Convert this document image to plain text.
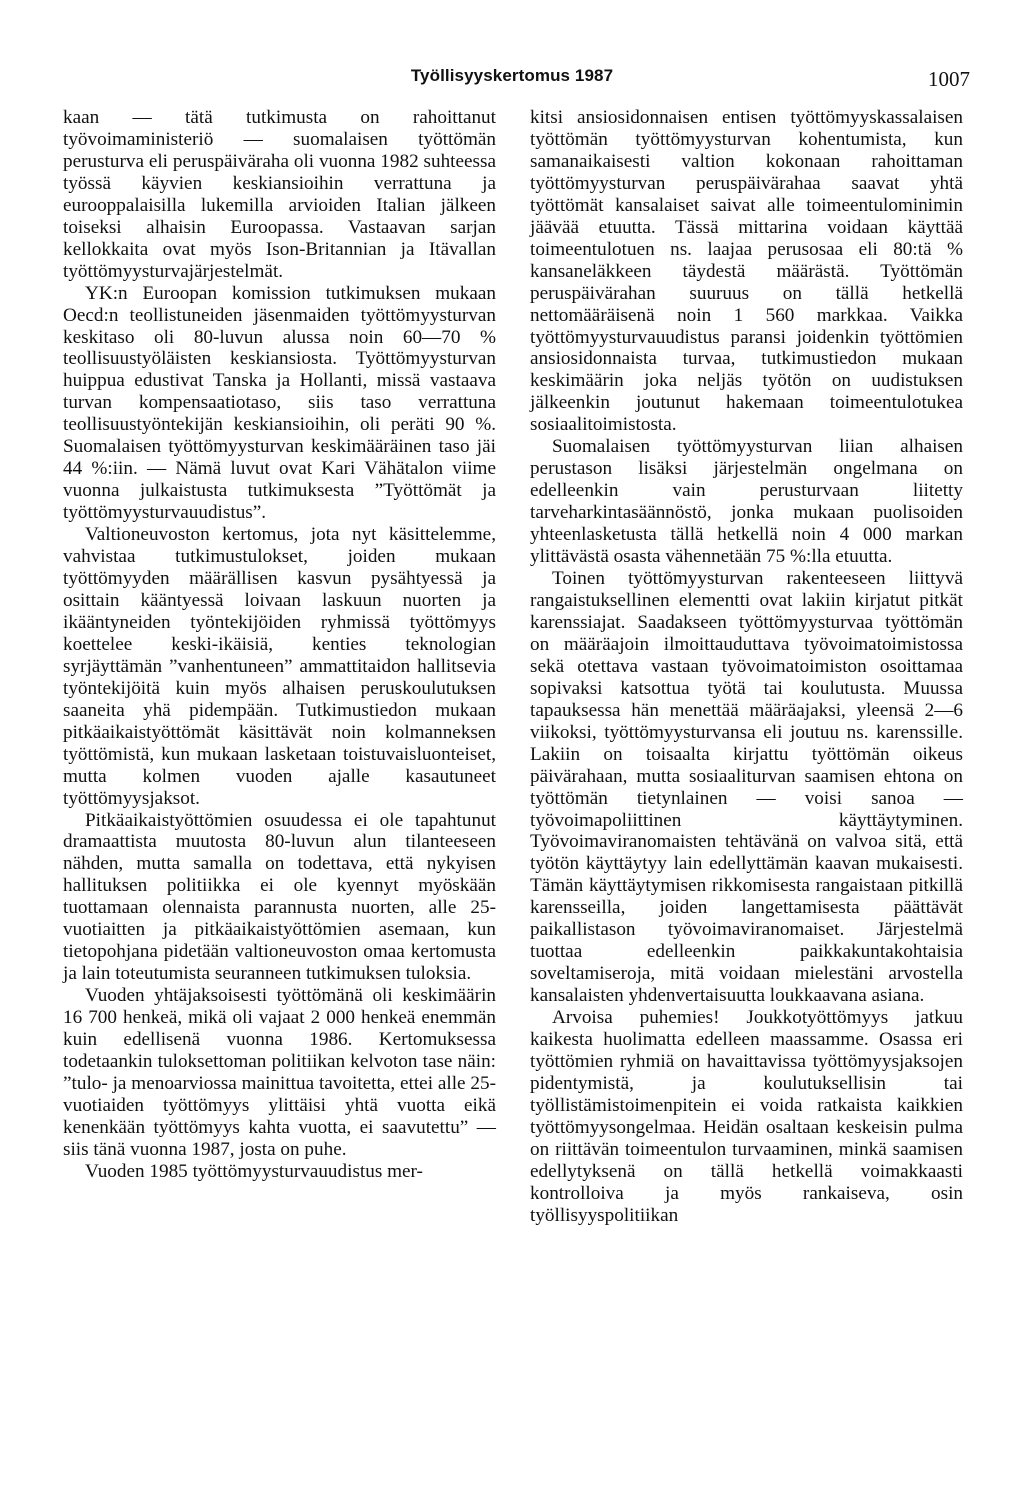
Työllisyyskertomus 1987	1007

kaan — tätä tutkimusta on rahoittanut työvoimaministeriö — suomalaisen työttömän perusturva eli peruspäiväraha oli vuonna 1982 suhteessa työssä käyvien keskiansioihin verrattuna ja eurooppalaisilla lukemilla arvioiden Italian jälkeen toiseksi alhaisin Euroopassa. Vastaavan sarjan kellokkaita ovat myös Ison-Britannian ja Itävallan työttömyysturvajärjestelmät.

YK:n Euroopan komission tutkimuksen mukaan Oecd:n teollistuneiden jäsenmaiden työttömyysturvan keskitaso oli 80-luvun alussa noin 60—70 % teollisuustyöläisten keskiansiosta. Työttömyysturvan huippua edustivat Tanska ja Hollanti, missä vastaava turvan kompensaatiotaso, siis taso verrattuna teollisuustyöntekijän keskiansioihin, oli peräti 90 %. Suomalaisen työttömyysturvan keskimääräinen taso jäi 44 %:iin. — Nämä luvut ovat Kari Vähätalon viime vuonna julkaistusta tutkimuksesta ”Työttömät ja työttömyysturvauudistus”.

Valtioneuvoston kertomus, jota nyt käsittelemme, vahvistaa tutkimustulokset, joiden mukaan työttömyyden määrällisen kasvun pysähtyessä ja osittain kääntyessä loivaan laskuun nuorten ja ikääntyneiden työntekijöiden ryhmissä työttömyys koettelee keski-ikäisiä, kenties teknologian syrjäyttämän ”vanhentuneen” ammattitaidon hallitsevia työntekijöitä kuin myös alhaisen peruskoulutuksen saaneita yhä pidempään. Tutkimustiedon mukaan pitkäaikaistyöttömät käsittävät noin kolmanneksen työttömistä, kun mukaan lasketaan toistuvaisluonteiset, mutta kolmen vuoden ajalle kasautuneet työttömyysjaksot.

Pitkäaikaistyöttömien osuudessa ei ole tapahtunut dramaattista muutosta 80-luvun alun tilanteeseen nähden, mutta samalla on todettava, että nykyisen hallituksen politiikka ei ole kyennyt myöskään tuottamaan olennaista parannusta nuorten, alle 25-vuotiaitten ja pitkäaikaistyöttömien asemaan, kun tietopohjana pidetään valtioneuvoston omaa kertomusta ja lain toteutumista seuranneen tutkimuksen tuloksia.

Vuoden yhtäjaksoisesti työttömänä oli keskimäärin 16 700 henkeä, mikä oli vajaat 2 000 henkeä enemmän kuin edellisenä vuonna 1986. Kertomuksessa todetaankin tuloksettoman politiikan kelvoton tase näin: ”tulo- ja menoarviossa mainittua tavoitetta, ettei alle 25-vuotiaiden työttömyys ylittäisi yhtä vuotta eikä kenenkään työttömyys kahta vuotta, ei saavutettu” — siis tänä vuonna 1987, josta on puhe.

Vuoden 1985 työttömyysturvauudistus mer-

kitsi ansiosidonnaisen entisen työttömyyskassalaisen työttömän työttömyysturvan kohentumista, kun samanaikaisesti valtion kokonaan rahoittaman työttömyysturvan peruspäivärahaa saavat yhtä työttömät kansalaiset saivat alle toimeentulominimin jäävää etuutta. Tässä mittarina voidaan käyttää toimeentulotuen ns. laajaa perusosaa eli 80:tä % kansaneläkkeen täydestä määrästä. Työttömän peruspäivärahan suuruus on tällä hetkellä nettomääräisenä noin 1 560 markkaa. Vaikka työttömyysturvauudistus paransi joidenkin työttömien ansiosidonnaista turvaa, tutkimustiedon mukaan keskimäärin joka neljäs työtön on uudistuksen jälkeenkin joutunut hakemaan toimeentulotukea sosiaalitoimistosta.

Suomalaisen työttömyysturvan liian alhaisen perustason lisäksi järjestelmän ongelmana on edelleenkin vain perusturvaan liitetty tarveharkintasäännöstö, jonka mukaan puolisoiden yhteenlasketusta tällä hetkellä noin 4 000 markan ylittävästä osasta vähennetään 75 %:lla etuutta.

Toinen työttömyysturvan rakenteeseen liittyvä rangaistuksellinen elementti ovat lakiin kirjatut pitkät karenssiajat. Saadakseen työttömyysturvaa työttömän on määräajoin ilmoittauduttava työvoimatoimistossa sekä otettava vastaan työvoimatoimiston osoittamaa sopivaksi katsottua työtä tai koulutusta. Muussa tapauksessa hän menettää määräajaksi, yleensä 2—6 viikoksi, työttömyysturvansa eli joutuu ns. karenssille. Lakiin on toisaalta kirjattu työttömän oikeus päivärahaan, mutta sosiaaliturvan saamisen ehtona on työttömän tietynlainen — voisi sanoa — työvoimapoliittinen käyttäytyminen. Työvoimaviranomaisten tehtävänä on valvoa sitä, että työtön käyttäytyy lain edellyttämän kaavan mukaisesti. Tämän käyttäytymisen rikkomisesta rangaistaan pitkillä karensseilla, joiden langettamisesta päättävät paikallistason työvoimaviranomaiset. Järjestelmä tuottaa edelleenkin paikkakuntakohtaisia soveltamiseroja, mitä voidaan mielestäni arvostella kansalaisten yhdenvertaisuutta loukkaavana asiana.

Arvoisa puhemies! Joukkotyöttömyys jatkuu kaikesta huolimatta edelleen maassamme. Osassa eri työttömien ryhmiä on havaittavissa työttömyysjaksojen pidentymistä, ja koulutuksellisin tai työllistämistoimenpitein ei voida ratkaista kaikkien työttömyysongelmaa. Heidän osaltaan keskeisin pulma on riittävän toimeentulon turvaaminen, minkä saamisen edellytyksenä on tällä hetkellä voimakkaasti kontrolloiva ja myös rankaiseva, osin työllisyyspolitiikan
